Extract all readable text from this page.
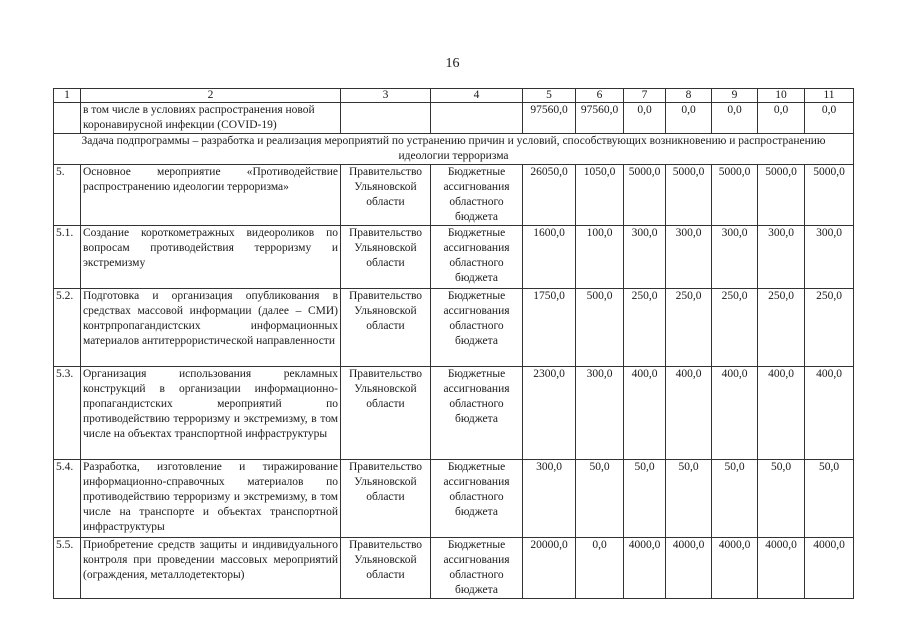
16
1	2	3	4	5	6	7	8	9	10	11
	в том числе в условиях распространения новой коронавирусной инфекции (COVID-19)			97560,0	97560,0	0,0	0,0	0,0	0,0	0,0
Задача подпрограммы – разработка и реализация мероприятий по устранению причин и условий, способствующих возникновению и распространению идеологии терроризма										
5.	Основное мероприятие «Противодействие распространению идеологии терроризма»	Правительство Ульяновской области	Бюджетные ассигнования областного бюджета	26050,0	1050,0	5000,0	5000,0	5000,0	5000,0	5000,0
5.1.	Создание короткометражных видеороликов по вопросам противодействия терроризму и экстремизму	Правительство Ульяновской области	Бюджетные ассигнования областного бюджета	1600,0	100,0	300,0	300,0	300,0	300,0	300,0
5.2.	Подготовка и организация опубликования в средствах массовой информации (далее – СМИ) контрпропагандистских информационных материалов антитеррористической направленности	Правительство Ульяновской области	Бюджетные ассигнования областного бюджета	1750,0	500,0	250,0	250,0	250,0	250,0	250,0
5.3.	Организация использования рекламных конструкций в организации информационно-пропагандистских мероприятий по противодействию терроризму и экстремизму, в том числе на объектах транспортной инфраструктуры	Правительство Ульяновской области	Бюджетные ассигнования областного бюджета	2300,0	300,0	400,0	400,0	400,0	400,0	400,0
5.4.	Разработка, изготовление и тиражирование информационно-справочных материалов по противодействию терроризму и экстремизму, в том числе на транспорте и объектах транспортной инфраструктуры	Правительство Ульяновской области	Бюджетные ассигнования областного бюджета	300,0	50,0	50,0	50,0	50,0	50,0	50,0
5.5.	Приобретение средств защиты и индивидуального контроля при проведении массовых мероприятий (ограждения, металлодетекторы)	Правительство Ульяновской области	Бюджетные ассигнования областного бюджета	20000,0	0,0	4000,0	4000,0	4000,0	4000,0	4000,0
